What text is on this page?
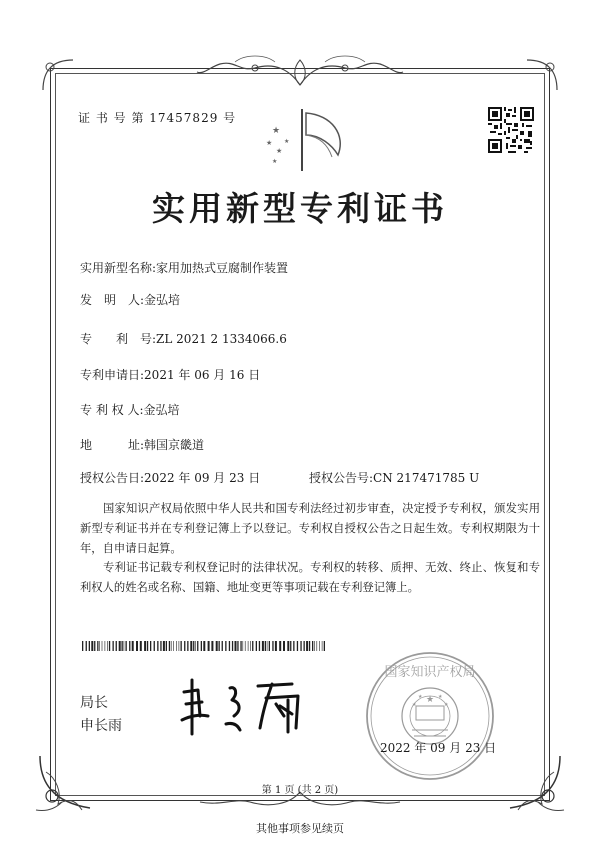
证 书 号 第 17457829 号
★
★
★
★
★
实用新型专利证书
实用新型名称:家用加热式豆腐制作装置
发　明　人:金弘培
专　　利　号:ZL 2021 2 1334066.6
专利申请日:2021 年 06 月 16 日
专 利 权 人:金弘培
地　　　址:韩国京畿道
授权公告日:2022 年 09 月 23 日	授权公告号:CN 217471785 U
国家知识产权局依照中华人民共和国专利法经过初步审查，决定授予专利权，颁发实用新型专利证书并在专利登记簿上予以登记。专利权自授权公告之日起生效。专利权期限为十年，自申请日起算。
专利证书记载专利权登记时的法律状况。专利权的转移、质押、无效、终止、恢复和专利权人的姓名或名称、国籍、地址变更等事项记载在专利登记簿上。
★
★	★
★	★
国家知识产权局
局长
申长雨
2022 年 09 月 23 日
第 1 页 (共 2 页)
其他事项参见续页
